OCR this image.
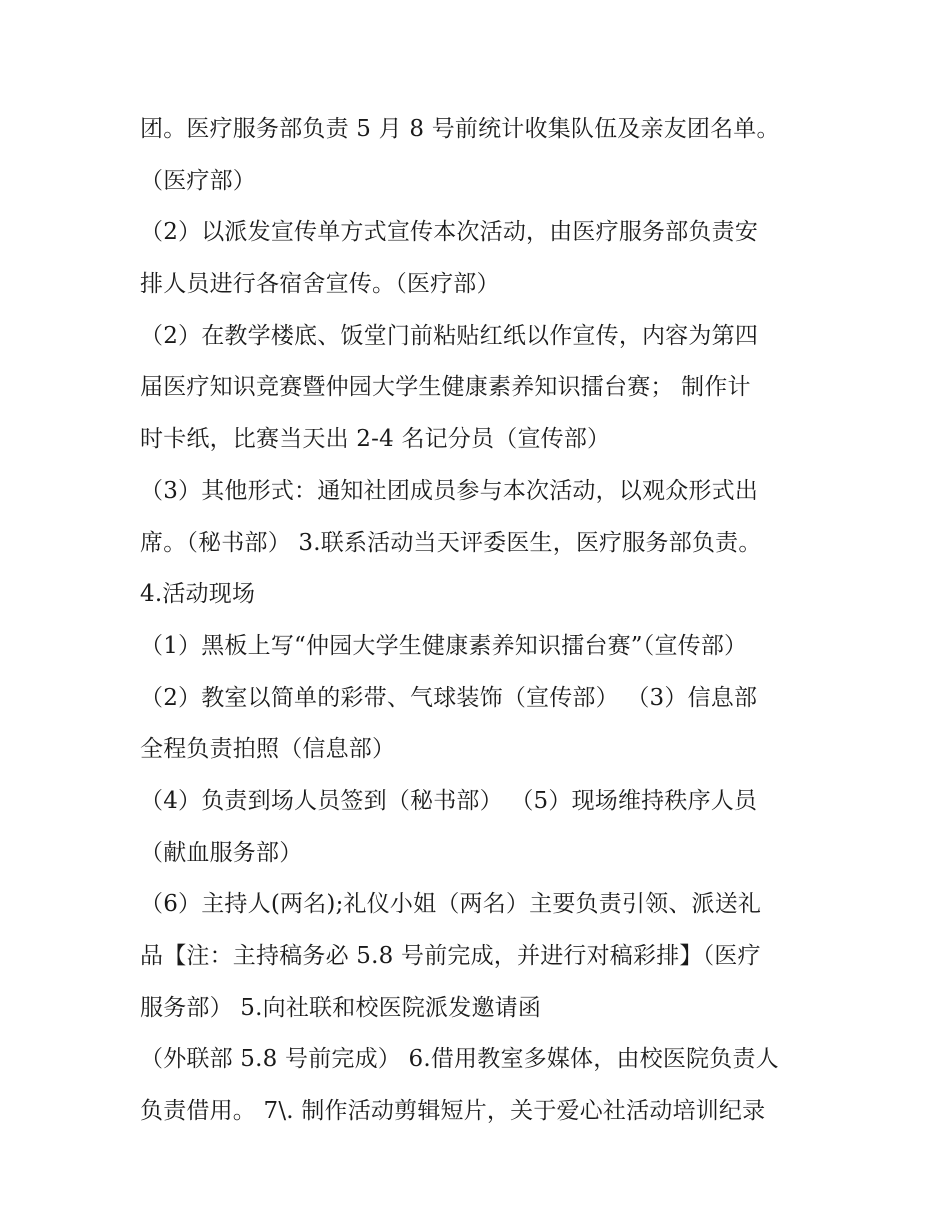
团。医疗服务部负责 5 月 8 号前统计收集队伍及亲友团名单。
（医疗部）
（2）以派发宣传单方式宣传本次活动，由医疗服务部负责安
排人员进行各宿舍宣传。（医疗部）
（2）在教学楼底、饭堂门前粘贴红纸以作宣传，内容为第四
届医疗知识竞赛暨仲园大学生健康素养知识擂台赛； 制作计
时卡纸，比赛当天出 2-4 名记分员（宣传部）
（3）其他形式：通知社团成员参与本次活动，以观众形式出
席。（秘书部） 3.联系活动当天评委医生，医疗服务部负责。
4.活动现场
（1）黑板上写“仲园大学生健康素养知识擂台赛”（宣传部）
（2）教室以简单的彩带、气球装饰（宣传部） （3）信息部
全程负责拍照（信息部）
（4）负责到场人员签到（秘书部） （5）现场维持秩序人员
（献血服务部）
（6）主持人(两名);礼仪小姐（两名）主要负责引领、派送礼
品【注：主持稿务必 5.8 号前完成，并进行对稿彩排】（医疗
服务部） 5.向社联和校医院派发邀请函
（外联部 5.8 号前完成） 6.借用教室多媒体，由校医院负责人
负责借用。 7\. 制作活动剪辑短片，关于爱心社活动培训纪录
